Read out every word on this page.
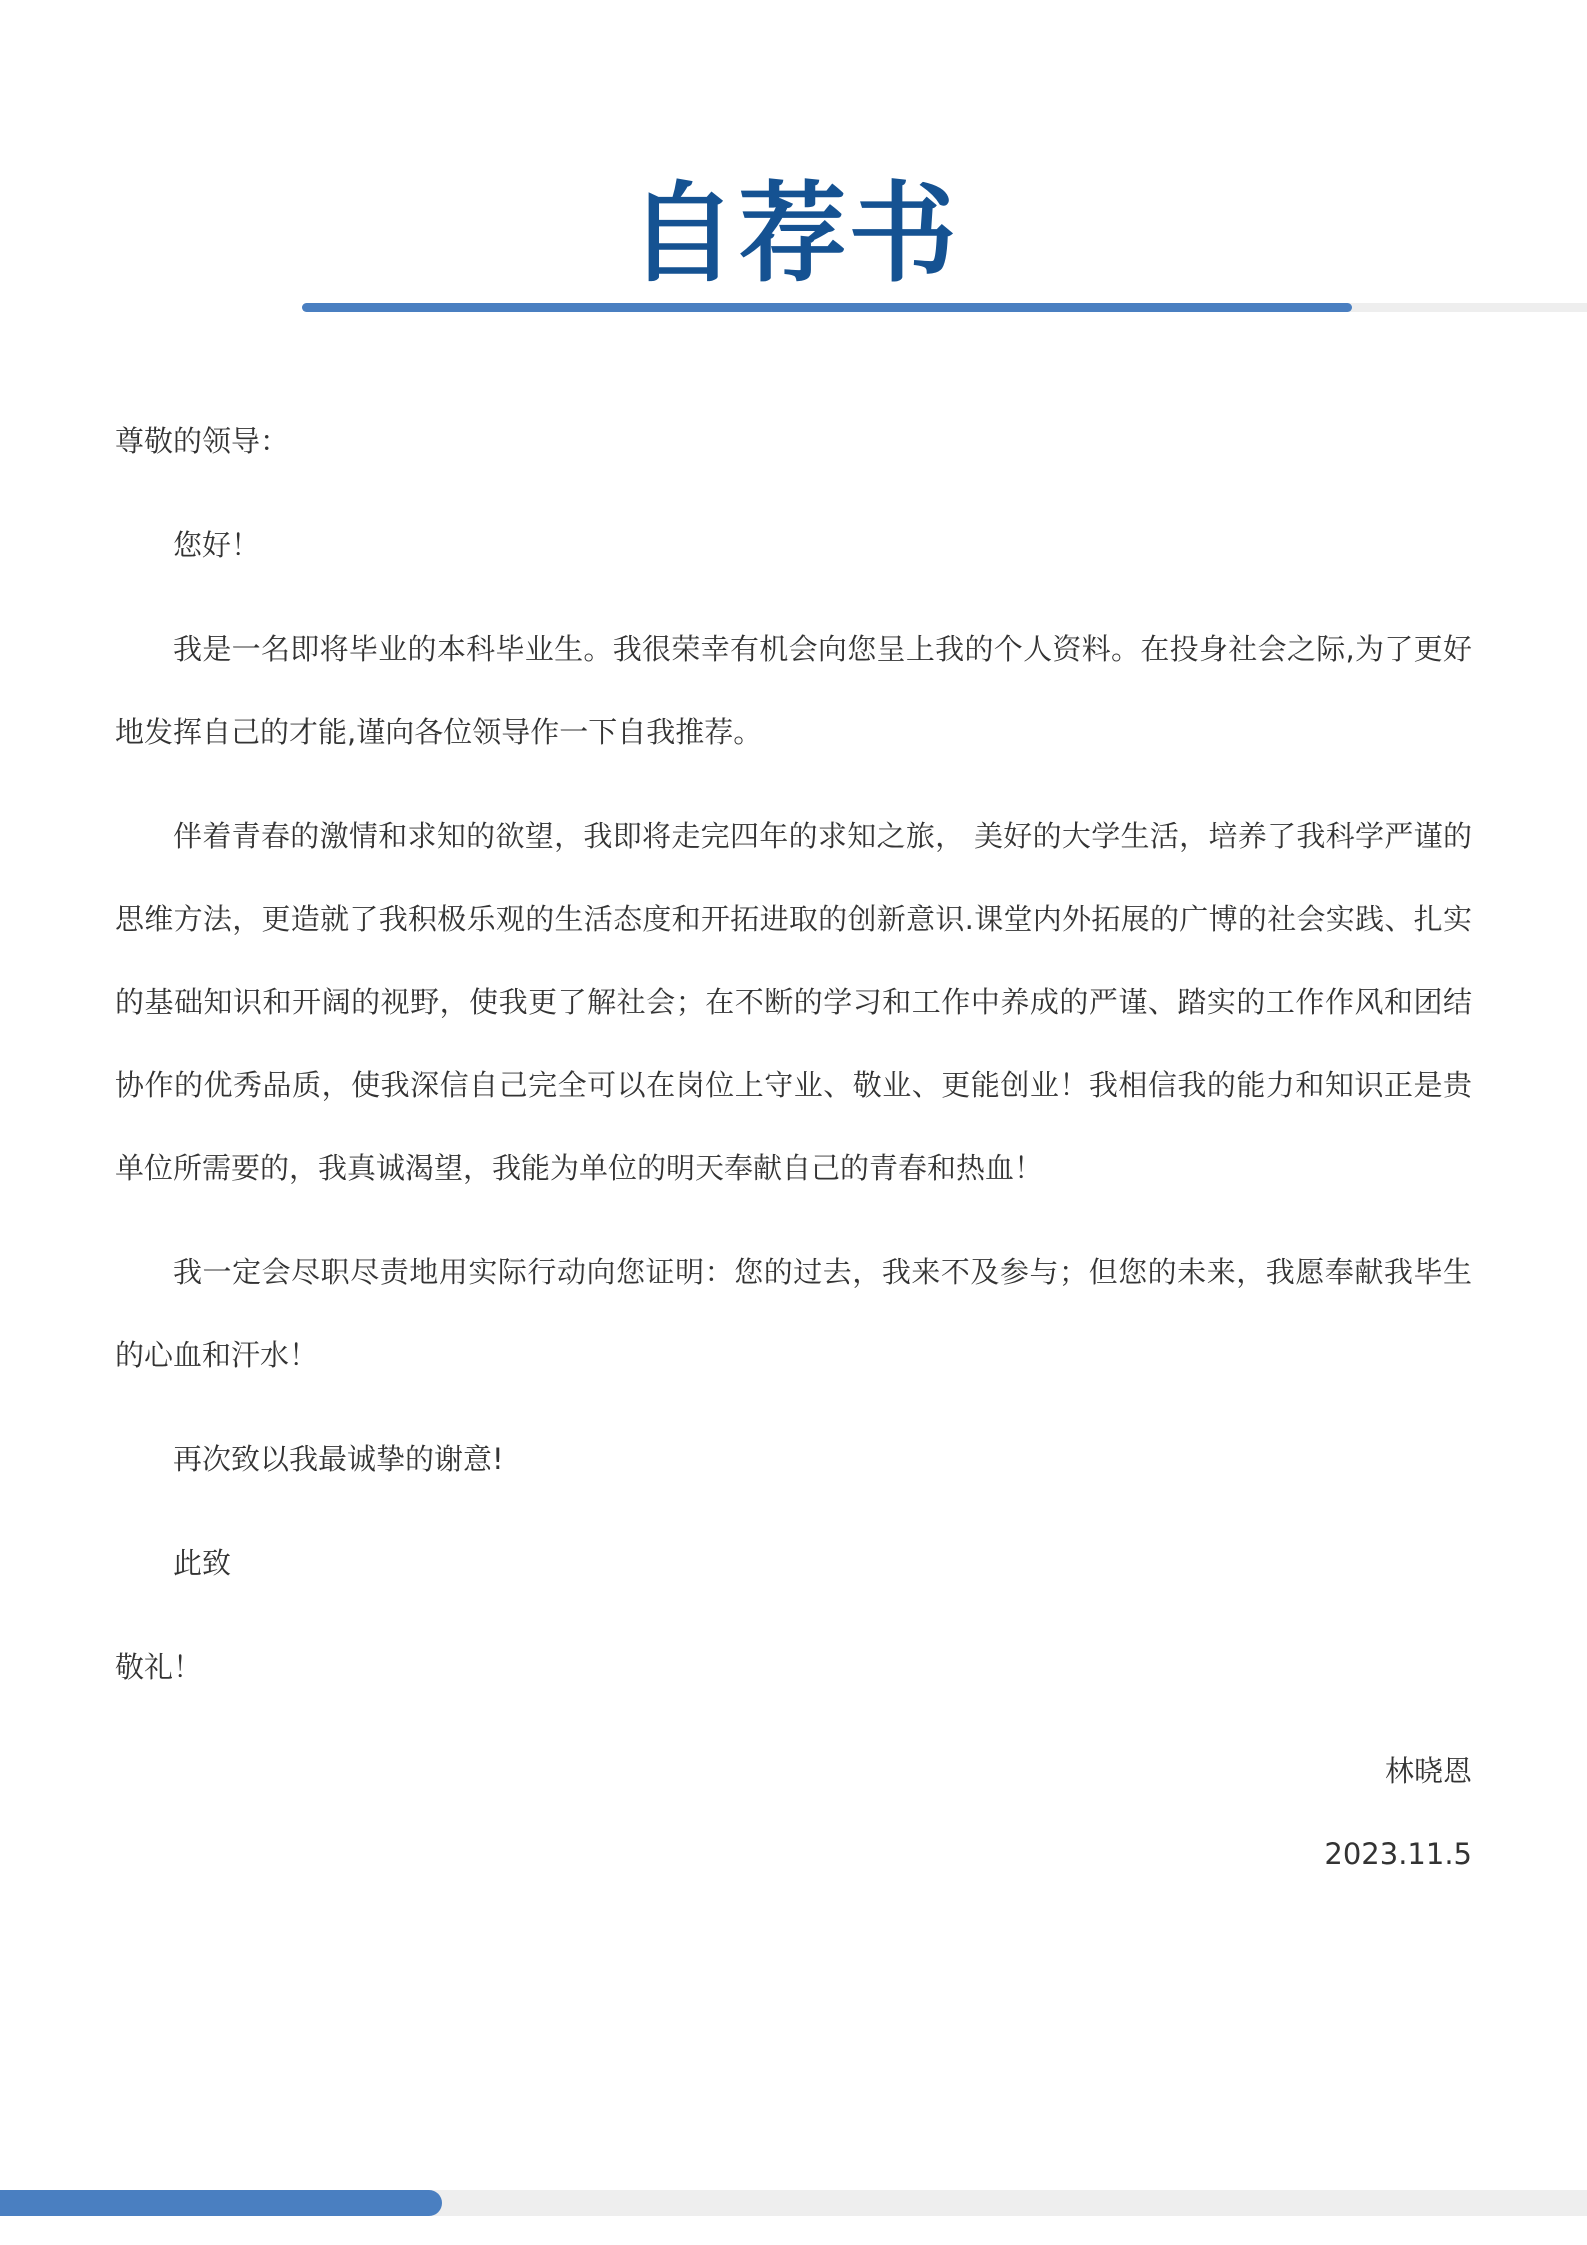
自荐书

尊敬的领导：

您好！

我是一名即将毕业的本科毕业生。我很荣幸有机会向您呈上我的个人资料。在投身社会之际,为了更好地发挥自己的才能,谨向各位领导作一下自我推荐。

伴着青春的激情和求知的欲望，我即将走完四年的求知之旅， 美好的大学生活，培养了我科学严谨的思维方法，更造就了我积极乐观的生活态度和开拓进取的创新意识.课堂内外拓展的广博的社会实践、扎实的基础知识和开阔的视野，使我更了解社会；在不断的学习和工作中养成的严谨、踏实的工作作风和团结协作的优秀品质，使我深信自己完全可以在岗位上守业、敬业、更能创业！我相信我的能力和知识正是贵单位所需要的，我真诚渴望，我能为单位的明天奉献自己的青春和热血！

我一定会尽职尽责地用实际行动向您证明：您的过去，我来不及参与；但您的未来，我愿奉献我毕生的心血和汗水！

再次致以我最诚挚的谢意!

此致

敬礼！

林晓恩

2023.11.5
